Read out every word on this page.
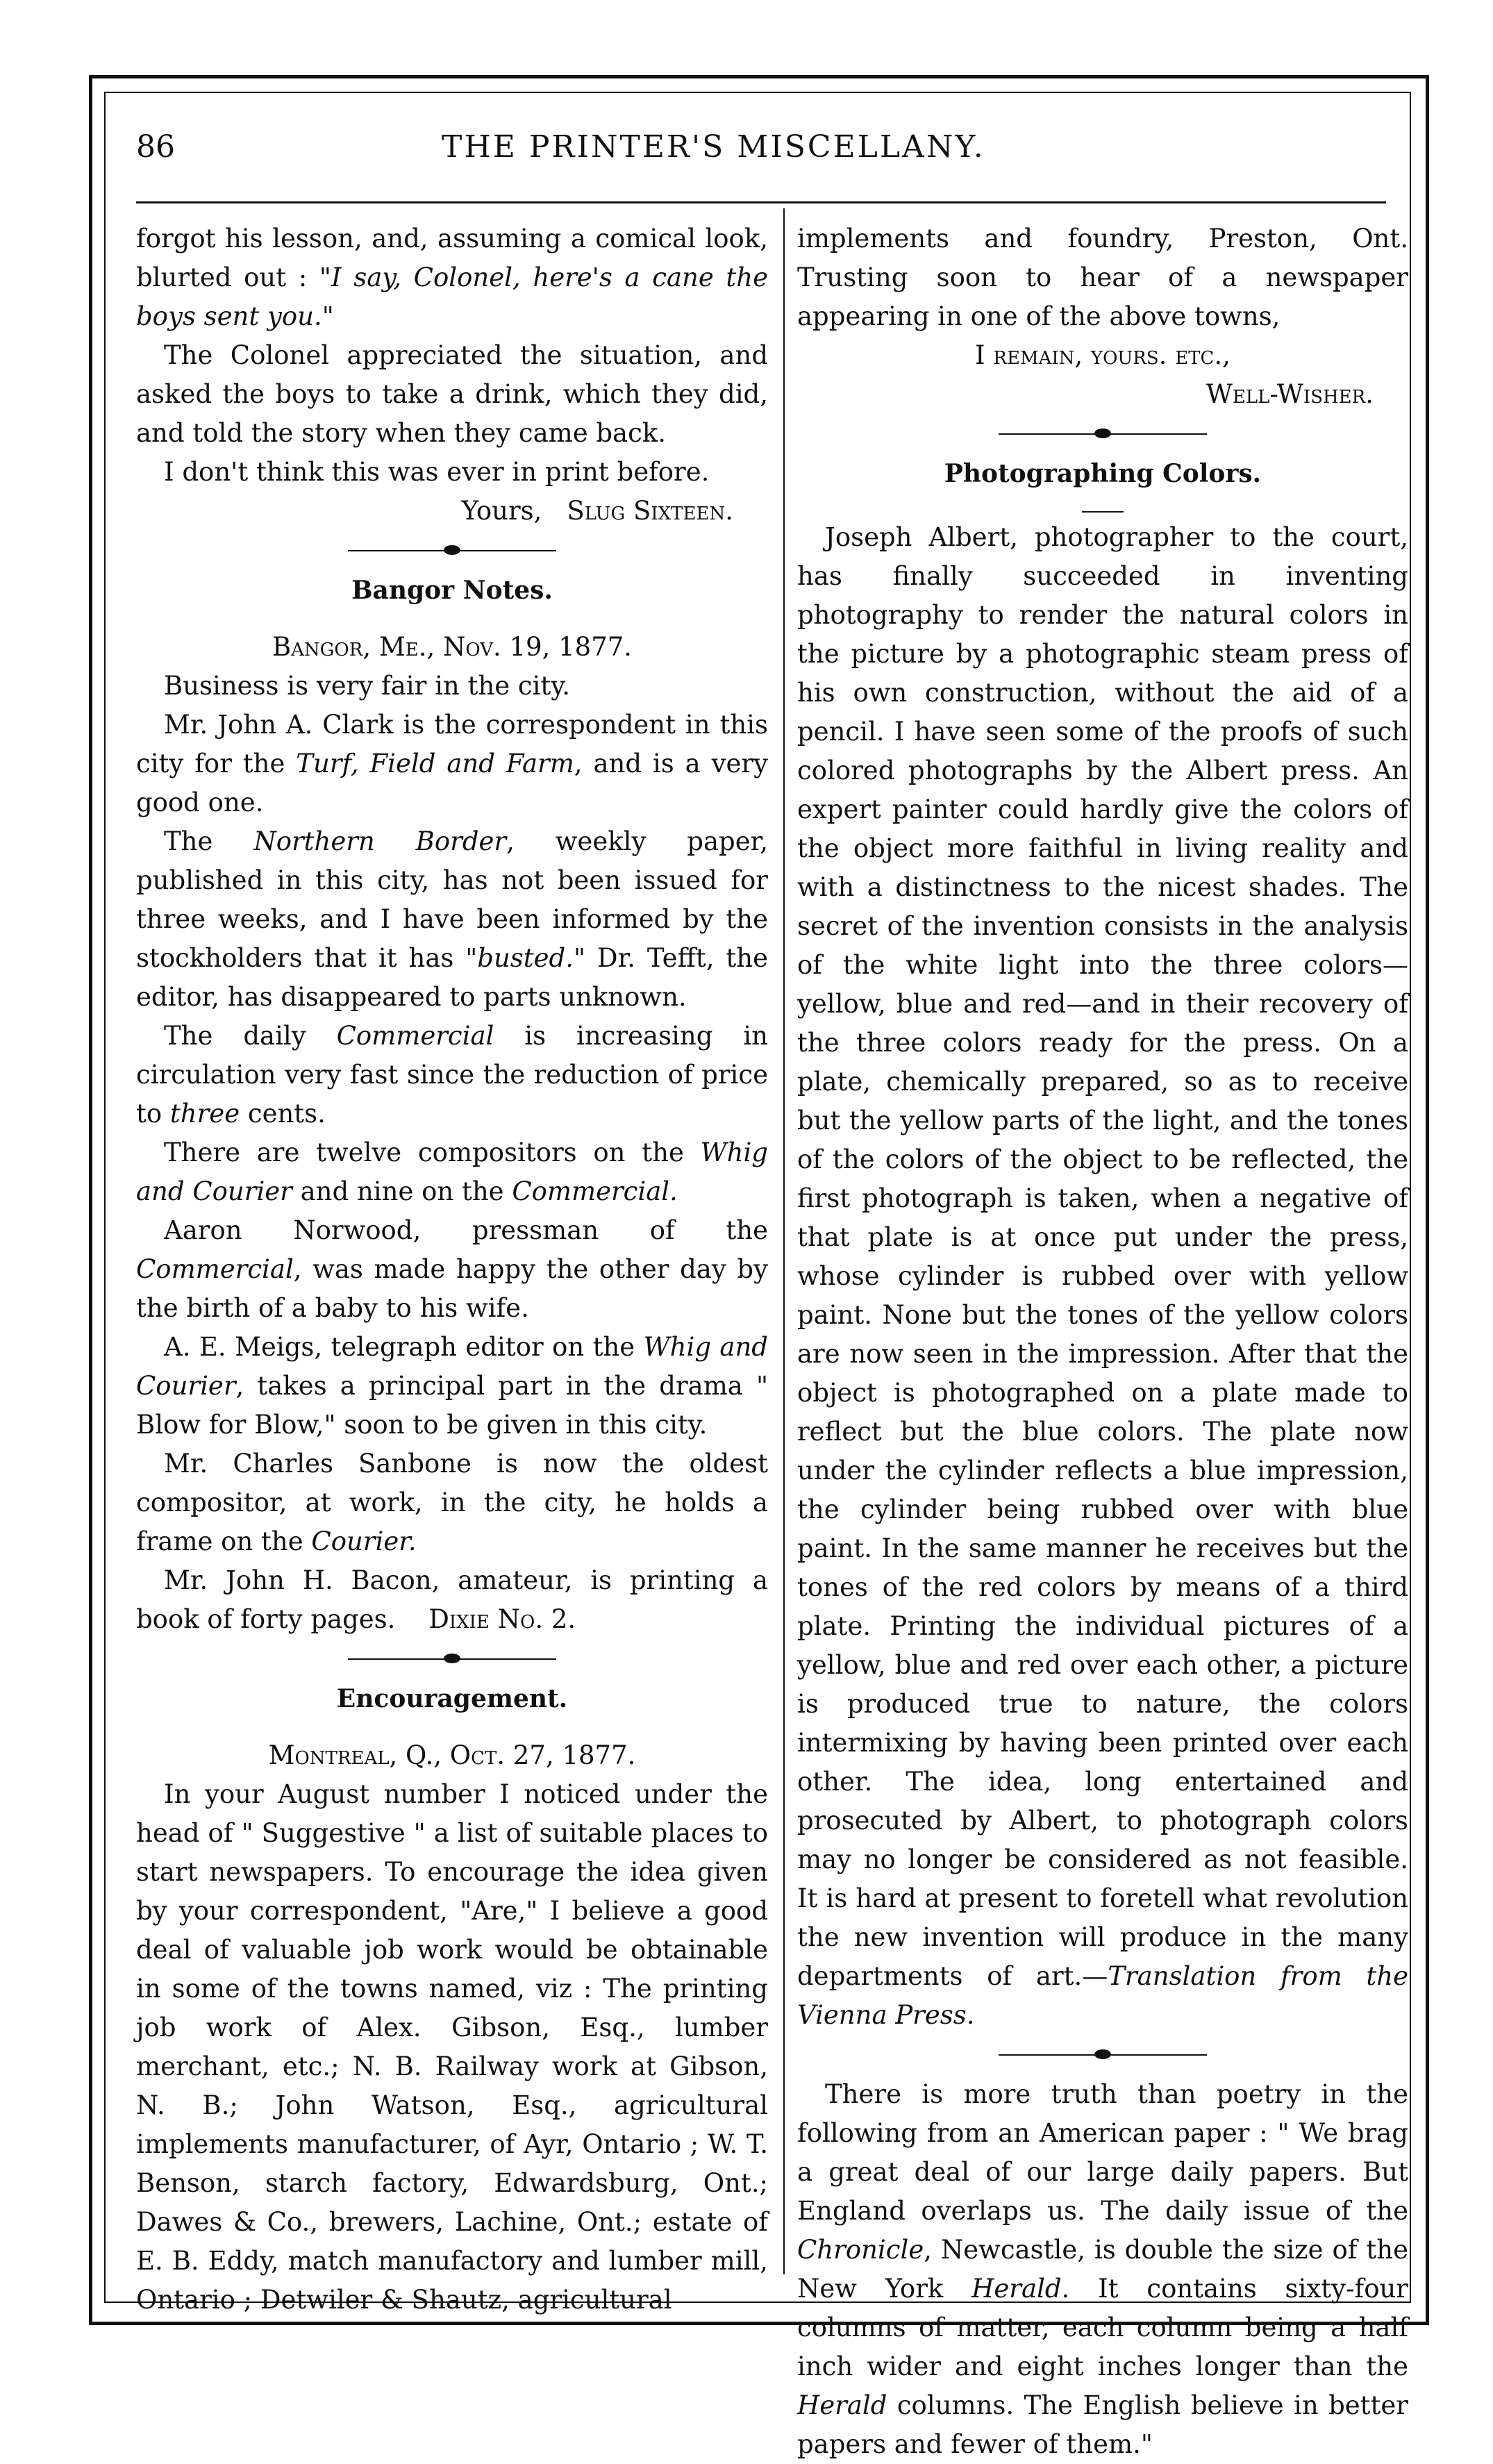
86	THE PRINTER'S MISCELLANY.

forgot his lesson, and, assuming a comical look, blurted out : "I say, Colonel, here's a cane the boys sent you."

The Colonel appreciated the situation, and asked the boys to take a drink, which they did, and told the story when they came back.

I don't think this was ever in print before.

Yours, Slug Sixteen.
Bangor Notes.
Bangor, Me., Nov. 19, 1877.

Business is very fair in the city.

Mr. John A. Clark is the correspondent in this city for the Turf, Field and Farm, and is a very good one.

The Northern Border, weekly paper, published in this city, has not been issued for three weeks, and I have been informed by the stockholders that it has "busted." Dr. Tefft, the editor, has disappeared to parts unknown.

The daily Commercial is increasing in circulation very fast since the reduction of price to three cents.

There are twelve compositors on the Whig and Courier and nine on the Commercial.

Aaron Norwood, pressman of the Commercial, was made happy the other day by the birth of a baby to his wife.

A. E. Meigs, telegraph editor on the Whig and Courier, takes a principal part in the drama " Blow for Blow," soon to be given in this city.

Mr. Charles Sanbone is now the oldest compositor, at work, in the city, he holds a frame on the Courier.

Mr. John H. Bacon, amateur, is printing a book of forty pages. Dixie No. 2.

Encouragement.
Montreal, Q., Oct. 27, 1877.

In your August number I noticed under the head of " Suggestive " a list of suitable places to start newspapers. To encourage the idea given by your correspondent, "Are," I believe a good deal of valuable job work would be obtainable in some of the towns named, viz : The printing job work of Alex. Gibson, Esq., lumber merchant, etc.; N. B. Railway work at Gibson, N. B.; John Watson, Esq., agricultural implements manufacturer, of Ayr, Ontario ; W. T. Benson, starch factory, Edwardsburg, Ont.; Dawes & Co., brewers, Lachine, Ont.; estate of E. B. Eddy, match manufactory and lumber mill, Ontario ; Detwiler & Shautz, agricultural

implements and foundry, Preston, Ont. Trusting soon to hear of a newspaper appearing in one of the above towns,

I remain, yours. etc.,
Well-Wisher.
Photographing Colors.

Joseph Albert, photographer to the court, has finally succeeded in inventing photography to render the natural colors in the picture by a photographic steam press of his own construction, without the aid of a pencil. I have seen some of the proofs of such colored photographs by the Albert press. An expert painter could hardly give the colors of the object more faithful in living reality and with a distinctness to the nicest shades. The secret of the invention consists in the analysis of the white light into the three colors—yellow, blue and red—and in their recovery of the three colors ready for the press. On a plate, chemically prepared, so as to receive but the yellow parts of the light, and the tones of the colors of the object to be reflected, the first photograph is taken, when a negative of that plate is at once put under the press, whose cylinder is rubbed over with yellow paint. None but the tones of the yellow colors are now seen in the impression. After that the object is photographed on a plate made to reflect but the blue colors. The plate now under the cylinder reflects a blue impression, the cylinder being rubbed over with blue paint. In the same manner he receives but the tones of the red colors by means of a third plate. Printing the individual pictures of a yellow, blue and red over each other, a picture is produced true to nature, the colors intermixing by having been printed over each other. The idea, long entertained and prosecuted by Albert, to photograph colors may no longer be considered as not feasible. It is hard at present to foretell what revolution the new invention will produce in the many departments of art.—Translation from the Vienna Press.

There is more truth than poetry in the following from an American paper : " We brag a great deal of our large daily papers. But England overlaps us. The daily issue of the Chronicle, Newcastle, is double the size of the New York Herald. It contains sixty-four columns of matter, each column being a half inch wider and eight inches longer than the Herald columns. The English believe in better papers and fewer of them."
